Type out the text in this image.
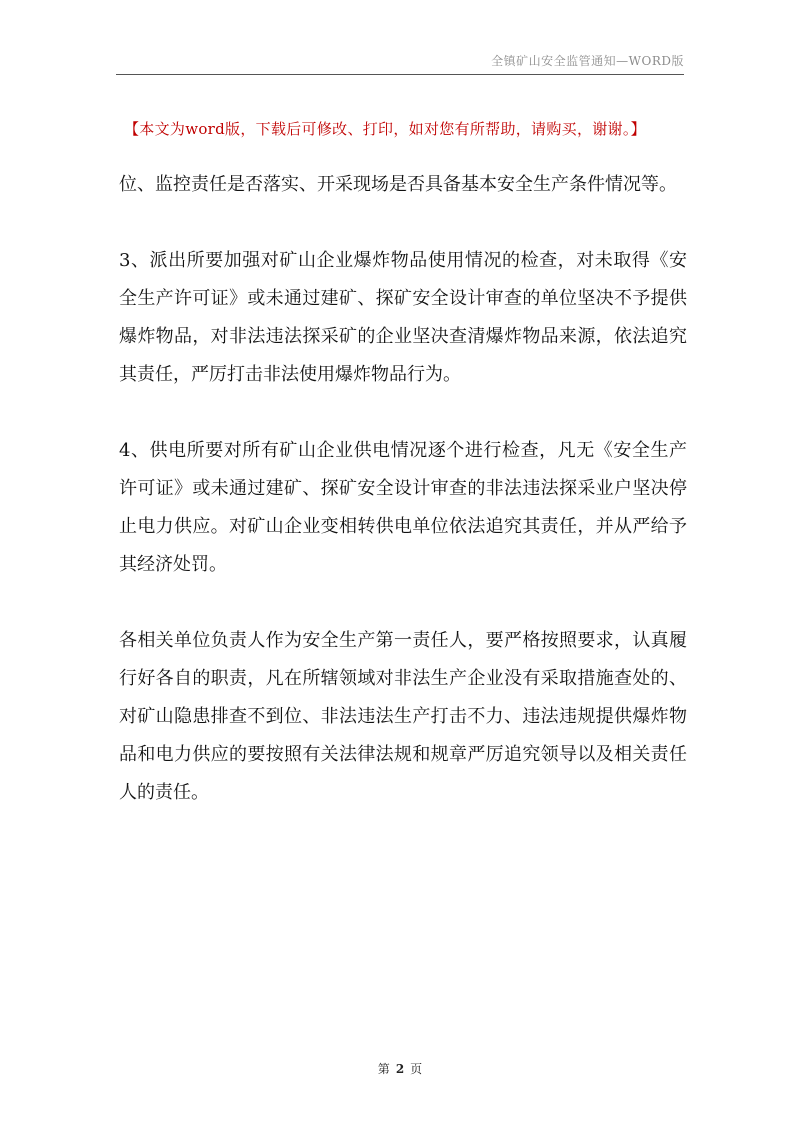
全镇矿山安全监管通知—WORD版
【本文为word版，下载后可修改、打印，如对您有所帮助，请购买，谢谢。】

位、监控责任是否落实、开采现场是否具备基本安全生产条件情况等。

3、派出所要加强对矿山企业爆炸物品使用情况的检查，对未取得《安全生产许可证》或未通过建矿、探矿安全设计审查的单位坚决不予提供爆炸物品，对非法违法探采矿的企业坚决查清爆炸物品来源，依法追究其责任，严厉打击非法使用爆炸物品行为。

4、供电所要对所有矿山企业供电情况逐个进行检查，凡无《安全生产许可证》或未通过建矿、探矿安全设计审查的非法违法探采业户坚决停止电力供应。对矿山企业变相转供电单位依法追究其责任，并从严给予其经济处罚。

各相关单位负责人作为安全生产第一责任人，要严格按照要求，认真履行好各自的职责，凡在所辖领域对非法生产企业没有采取措施查处的、对矿山隐患排查不到位、非法违法生产打击不力、违法违规提供爆炸物品和电力供应的要按照有关法律法规和规章严厉追究领导以及相关责任人的责任。

第 2 页
